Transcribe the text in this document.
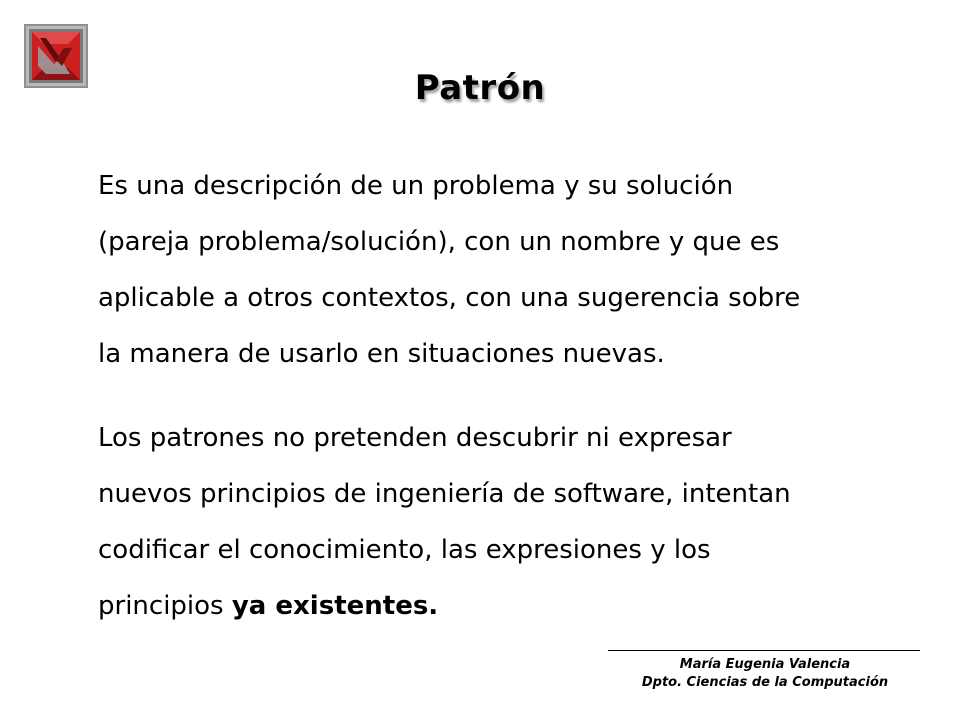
Patrón

Es una descripción de un problema y su solución
(pareja problema/solución), con un nombre y que es
aplicable a otros contextos, con una sugerencia sobre
la manera de usarlo en situaciones nuevas.

Los patrones no pretenden descubrir ni expresar
nuevos principios de ingeniería de software, intentan
codificar el conocimiento, las expresiones y los
principios ya existentes.

María Eugenia Valencia
Dpto. Ciencias de la Computación
